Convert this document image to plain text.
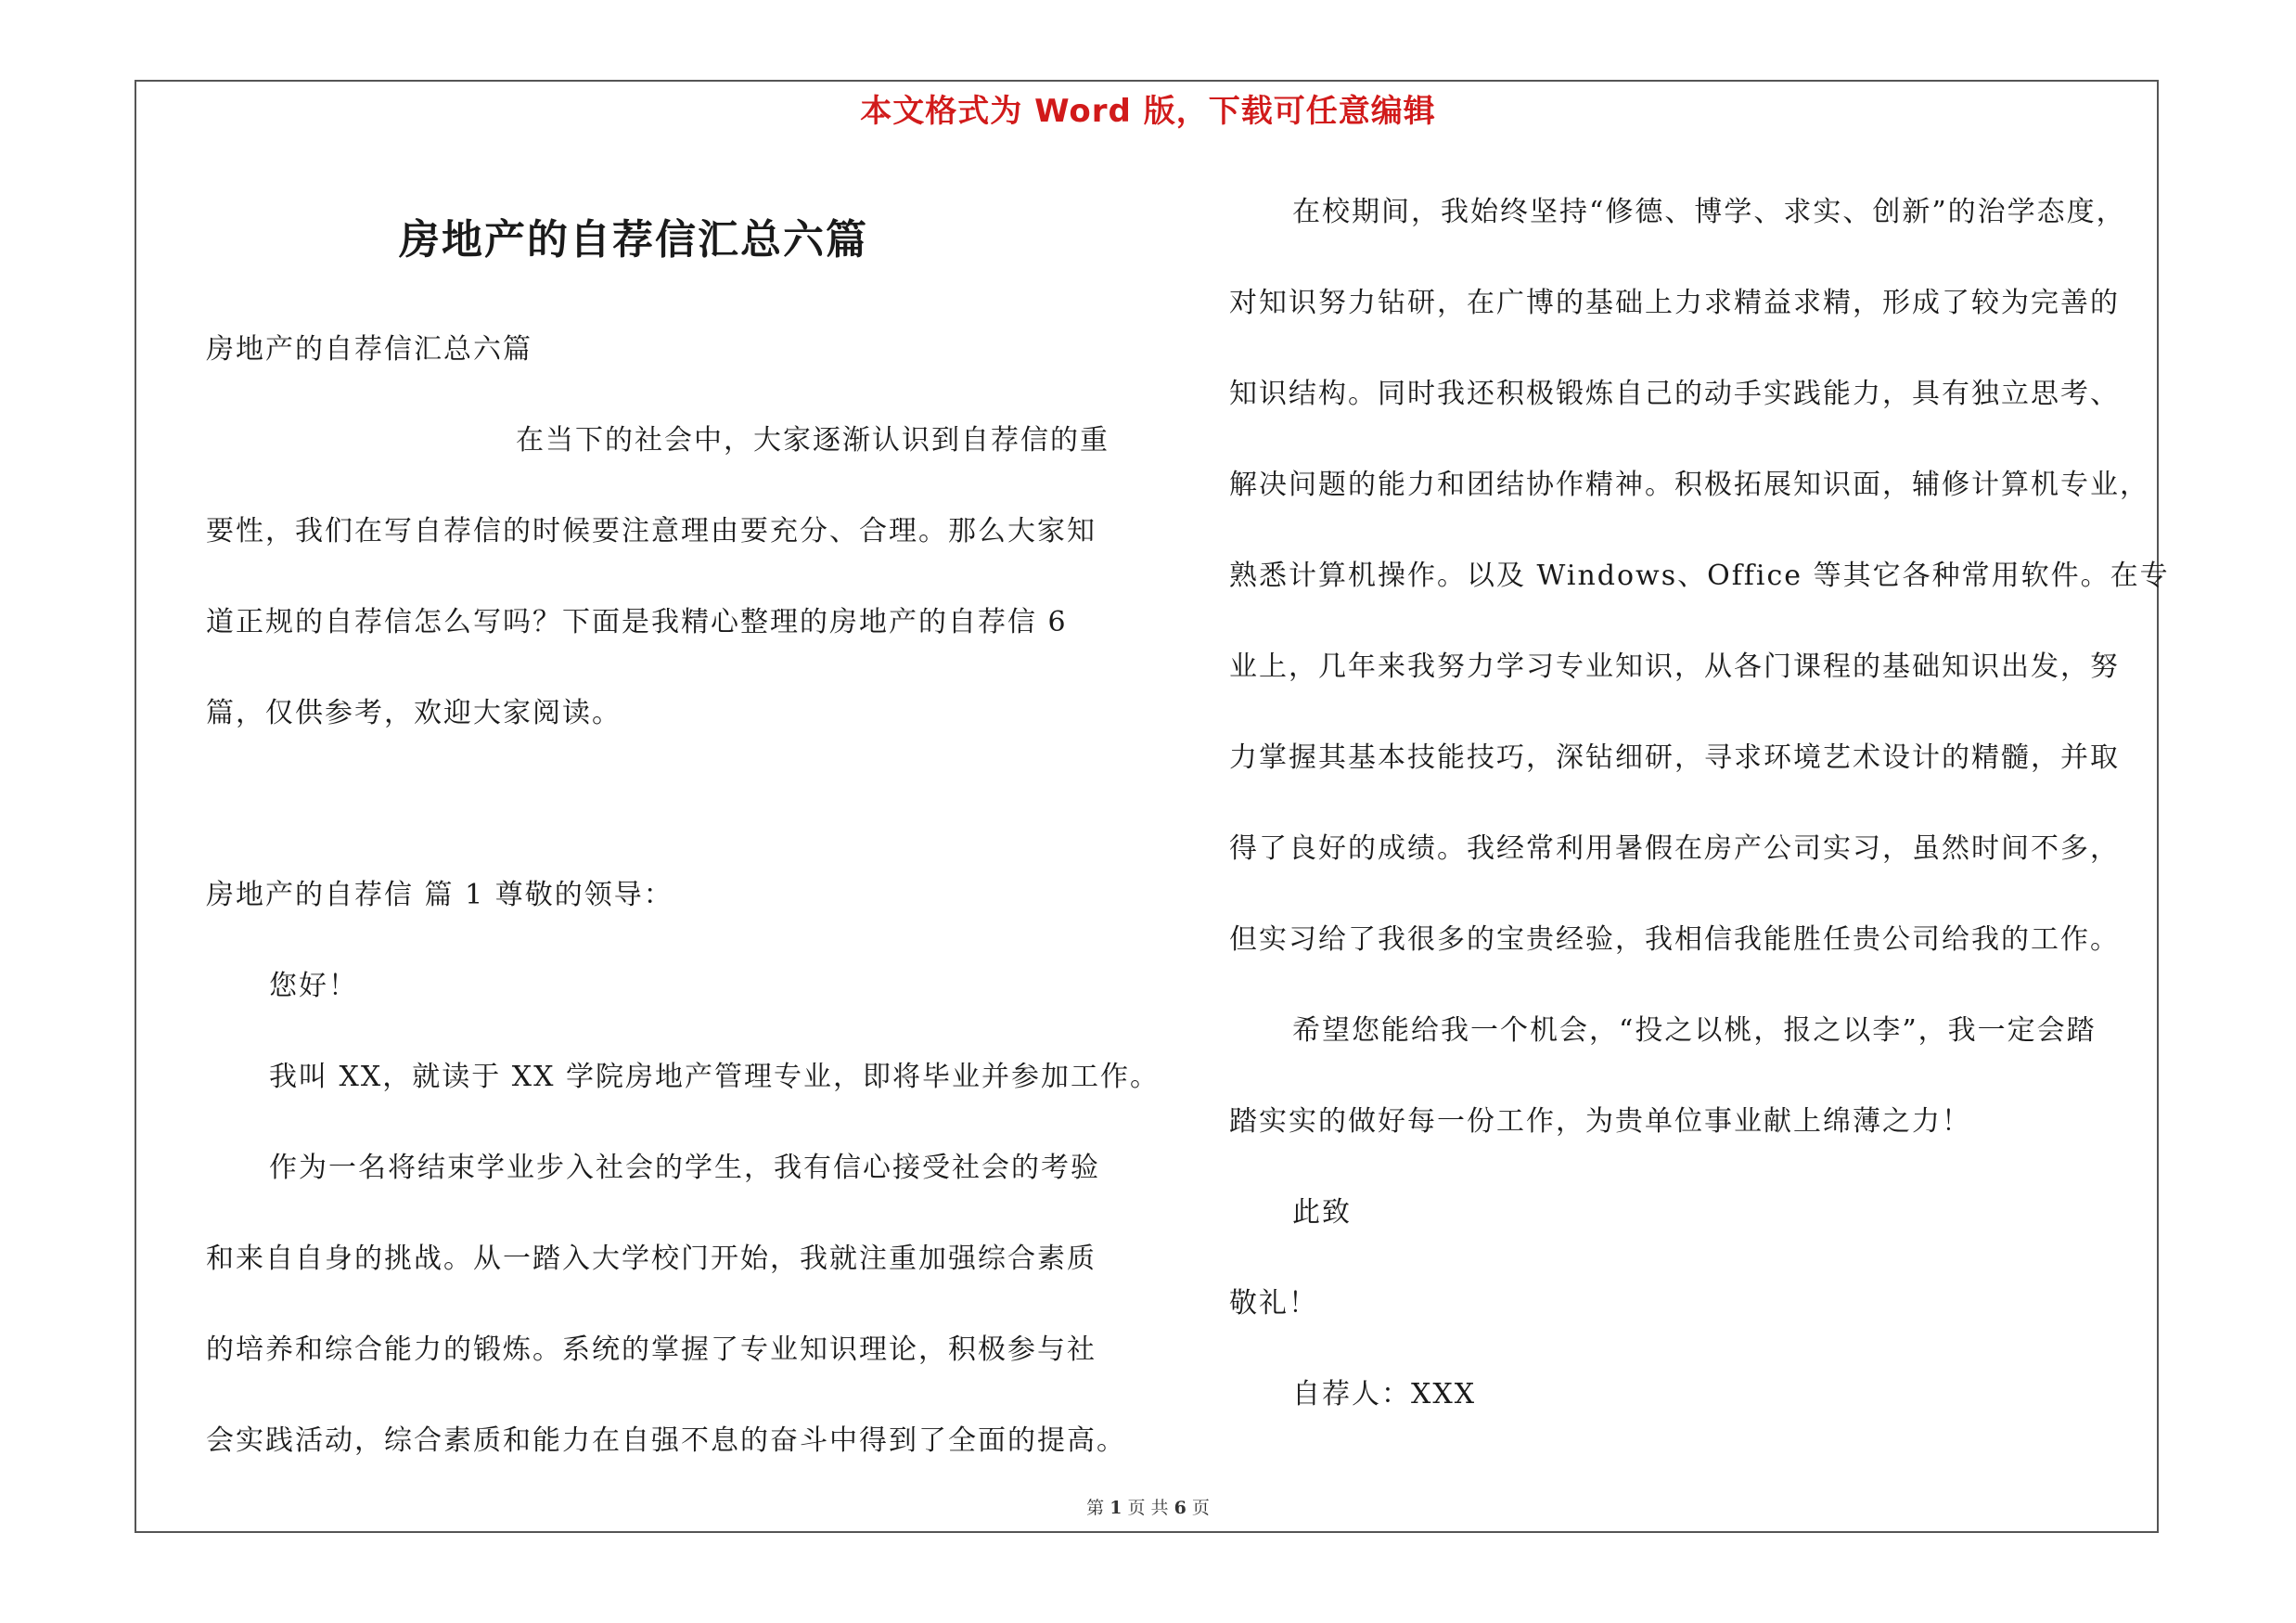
本文格式为 Word 版，下载可任意编辑
房地产的自荐信汇总六篇

房地产的自荐信汇总六篇

在当下的社会中，大家逐渐认识到自荐信的重

要性，我们在写自荐信的时候要注意理由要充分、合理。那么大家知

道正规的自荐信怎么写吗？下面是我精心整理的房地产的自荐信 6

篇，仅供参考，欢迎大家阅读。

房地产的自荐信 篇 1 尊敬的领导：

您好！

我叫 XX，就读于 XX 学院房地产管理专业，即将毕业并参加工作。

作为一名将结束学业步入社会的学生，我有信心接受社会的考验

和来自自身的挑战。从一踏入大学校门开始，我就注重加强综合素质

的培养和综合能力的锻炼。系统的掌握了专业知识理论，积极参与社

会实践活动，综合素质和能力在自强不息的奋斗中得到了全面的提高。

在校期间，我始终坚持“修德、博学、求实、创新”的治学态度，

对知识努力钻研，在广博的基础上力求精益求精，形成了较为完善的

知识结构。同时我还积极锻炼自己的动手实践能力，具有独立思考、

解决问题的能力和团结协作精神。积极拓展知识面，辅修计算机专业，

熟悉计算机操作。以及 Windows、Office 等其它各种常用软件。在专

业上，几年来我努力学习专业知识，从各门课程的基础知识出发，努

力掌握其基本技能技巧，深钻细研，寻求环境艺术设计的精髓，并取

得了良好的成绩。我经常利用暑假在房产公司实习，虽然时间不多，

但实习给了我很多的宝贵经验，我相信我能胜任贵公司给我的工作。

希望您能给我一个机会，“投之以桃，报之以李”，我一定会踏

踏实实的做好每一份工作，为贵单位事业献上绵薄之力！

此致

敬礼！

自荐人：XXX

第 1 页 共 6 页
